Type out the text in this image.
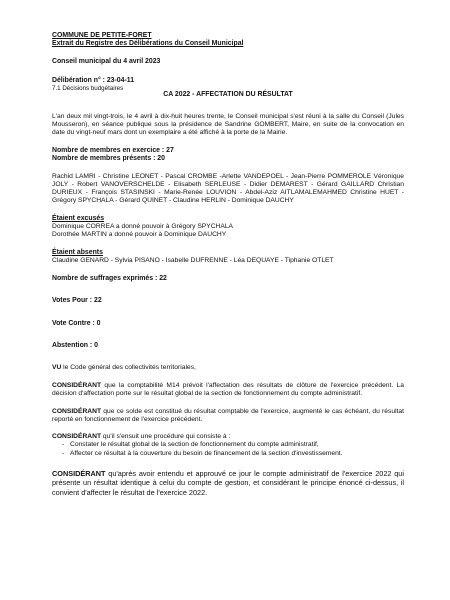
COMMUNE DE PETITE-FORET
Extrait du Registre des Délibérations du Conseil Municipal
Conseil municipal du 4 avril 2023
Délibération n° : 23-04-11
7.1 Décisions budgétaires
CA 2022 - AFFECTATION DU RÉSULTAT
L'an deux mil vingt-trois, le 4 avril à dix-huit heures trente, le Conseil municipal s'est réuni à la salle du Conseil (Jules Mousseron), en séance publique sous la présidence de Sandrine GOMBERT, Maire, en suite de la convocation en date du vingt-neuf mars dont un exemplaire a été affiché à la porte de la Mairie.
Nombre de membres en exercice : 27
Nombre de membres présents : 20
Rachid LAMRI - Christine LEONET - Pascal CROMBE -Arlette VANDEPOEL - Jean-Pierre POMMEROLE Véronique JOLY - Robert VANOVERSCHELDE - Elisabeth SERLEUSE - Didier DEMAREST - Gérard GAILLARD Christian DURIEUX - François STASINSKI - Marie-Renée LOUVION - Abdel-Aziz AITLAMALEMAHMED Christine HUET - Grégory SPYCHALA - Gérard QUINET - Claudine HERLIN - Dominique DAUCHY
Étaient excusés
Dominique CORREA a donné pouvoir à Grégory SPYCHALA
Dorothée MARTIN a donné pouvoir à Dominique DAUCHY
Étaient absents
Claudine GENARD - Sylvia PISANO - Isabelle DUFRENNE - Léa DEQUAYE - Tiphanie OTLET
Nombre de suffrages exprimés : 22
Votes Pour : 22
Vote Contre : 0
Abstention : 0
VU le Code général des collectivités territoriales,
CONSIDÉRANT que la comptabilité M14 prévoit l'affectation des résultats de clôture de l'exercice précédent. La décision d'affectation porte sur le résultat global de la section de fonctionnement du compte administratif.
CONSIDÉRANT que ce solde est constitué du résultat comptable de l'exercice, augmenté le cas échéant, du résultat reporté en fonctionnement de l'exercice précédent.
CONSIDÉRANT qu'il s'ensuit une procédure qui consiste à :
- Constater le résultat global de la section de fonctionnement du compte administratif,
- Affecter ce résultat à la couverture du besoin de financement de la section d'investissement.
CONSIDÉRANT qu'après avoir entendu et approuvé ce jour le compte administratif de l'exercice 2022 qui présente un résultat identique à celui du compte de gestion, et considérant le principe énoncé ci-dessus, il convient d'affecter le résultat de l'exercice 2022.
